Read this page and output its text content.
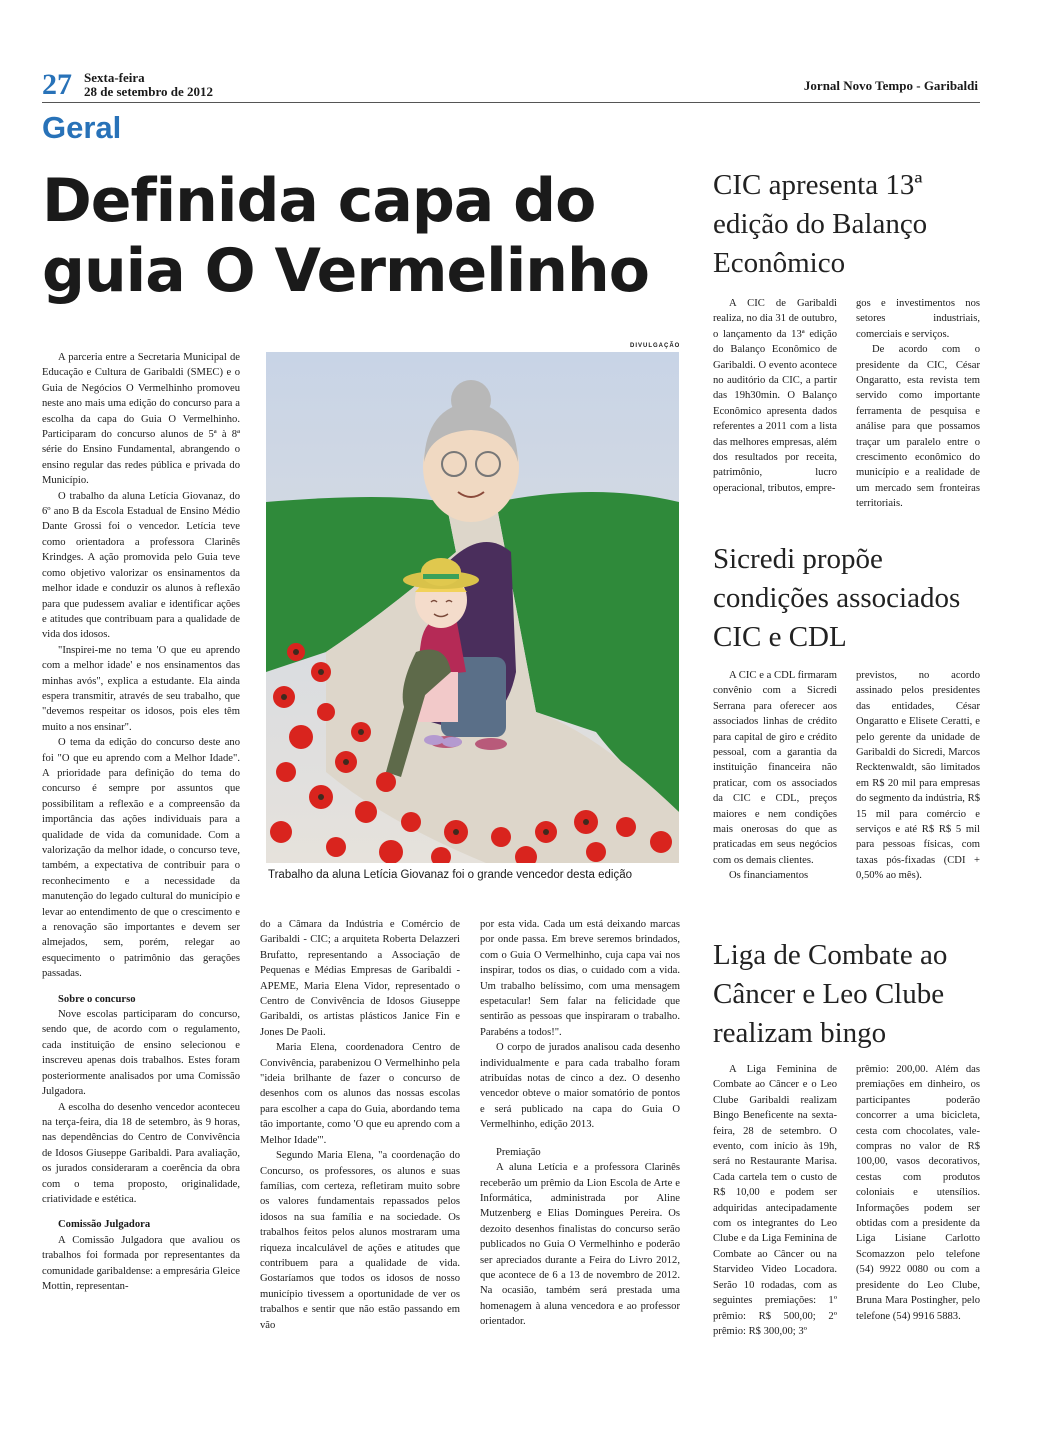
27 Sexta-feira
28 de setembro de 2012	Jornal Novo Tempo - Garibaldi
Geral
Definida capa do guia O Vermelinho

A parceria entre a Secretaria Municipal de Educação e Cultura de Garibaldi (SMEC) e o Guia de Negócios O Vermelhinho promoveu neste ano mais uma edição do concurso para a escolha da capa do Guia O Vermelhinho. Participaram do concurso alunos de 5ª à 8ª série do Ensino Fundamental, abrangendo o ensino regular das redes pública e privada do Município.

O trabalho da aluna Letícia Giovanaz, do 6º ano B da Escola Estadual de Ensino Médio Dante Grossi foi o vencedor. Letícia teve como orientadora a professora Clarinês Krindges. A ação promovida pelo Guia teve como objetivo valorizar os ensinamentos da melhor idade e conduzir os alunos à reflexão para que pudessem avaliar e identificar ações e atitudes que contribuam para a qualidade de vida dos idosos.

"Inspirei-me no tema 'O que eu aprendo com a melhor idade' e nos ensinamentos das minhas avós", explica a estudante. Ela ainda espera transmitir, através de seu trabalho, que "devemos respeitar os idosos, pois eles têm muito a nos ensinar".

O tema da edição do concurso deste ano foi "O que eu aprendo com a Melhor Idade". A prioridade para definição do tema do concurso é sempre por assuntos que possibilitam a reflexão e a compreensão da importância das ações individuais para a qualidade de vida da comunidade. Com a valorização da melhor idade, o concurso teve, também, a expectativa de contribuir para o reconhecimento e a necessidade da manutenção do legado cultural do município e levar ao entendimento de que o crescimento e a renovação são importantes e devem ser almejados, sem, porém, relegar ao esquecimento o patrimônio das gerações passadas.

Sobre o concurso

Nove escolas participaram do concurso, sendo que, de acordo com o regulamento, cada instituição de ensino selecionou e inscreveu apenas dois trabalhos. Estes foram posteriormente analisados por uma Comissão Julgadora.

A escolha do desenho vencedor aconteceu na terça-feira, dia 18 de setembro, às 9 horas, nas dependências do Centro de Convivência de Idosos Giuseppe Garibaldi. Para avaliação, os jurados consideraram a coerência da obra com o tema proposto, originalidade, criatividade e estética.

Comissão Julgadora

A Comissão Julgadora que avaliou os trabalhos foi formada por representantes da comunidade garibaldense: a empresária Gleice Mottin, representan-

DIVULGAÇÃO
Trabalho da aluna Letícia Giovanaz foi o grande vencedor desta edição

do a Câmara da Indústria e Comércio de Garibaldi - CIC; a arquiteta Roberta Delazzeri Brufatto, representando a Associação de Pequenas e Médias Empresas de Garibaldi - APEME, Maria Elena Vidor, representado o Centro de Convivência de Idosos Giuseppe Garibaldi, os artistas plásticos Janice Fin e Jones De Paoli.

Maria Elena, coordenadora Centro de Convivência, parabenizou O Vermelhinho pela "ideia brilhante de fazer o concurso de desenhos com os alunos das nossas escolas para escolher a capa do Guia, abordando tema tão importante, como 'O que eu aprendo com a Melhor Idade'".

Segundo Maria Elena, "a coordenação do Concurso, os professores, os alunos e suas famílias, com certeza, refletiram muito sobre os valores fundamentais repassados pelos idosos na sua família e na sociedade. Os trabalhos feitos pelos alunos mostraram uma riqueza incalculável de ações e atitudes que contribuem para a qualidade de vida. Gostaríamos que todos os idosos de nosso município tivessem a oportunidade de ver os trabalhos e sentir que não estão passando em vão

por esta vida. Cada um está deixando marcas por onde passa. Em breve seremos brindados, com o Guia O Vermelhinho, cuja capa vai nos inspirar, todos os dias, o cuidado com a vida. Um trabalho belíssimo, com uma mensagem espetacular! Sem falar na felicidade que sentirão as pessoas que inspiraram o trabalho. Parabéns a todos!".

O corpo de jurados analisou cada desenho individualmente e para cada trabalho foram atribuídas notas de cinco a dez. O desenho vencedor obteve o maior somatório de pontos e será publicado na capa do Guia O Vermelhinho, edição 2013.

Premiação

A aluna Letícia e a professora Clarinês receberão um prêmio da Lion Escola de Arte e Informática, administrada por Aline Mutzenberg e Elias Domingues Pereira. Os dezoito desenhos finalistas do concurso serão publicados no Guia O Vermelhinho e poderão ser apreciados durante a Feira do Livro 2012, que acontece de 6 a 13 de novembro de 2012. Na ocasião, também será prestada uma homenagem à aluna vencedora e ao professor orientador.

CIC apresenta 13ª edição do Balanço Econômico

A CIC de Garibaldi realiza, no dia 31 de outubro, o lançamento da 13ª edição do Balanço Econômico de Garibaldi. O evento acontece no auditório da CIC, a partir das 19h30min. O Balanço Econômico apresenta dados referentes a 2011 com a lista das melhores empresas, além dos resultados por receita, patrimônio, lucro operacional, tributos, empre-

gos e investimentos nos setores industriais, comerciais e serviços.

De acordo com o presidente da CIC, César Ongaratto, esta revista tem servido como importante ferramenta de pesquisa e análise para que possamos traçar um paralelo entre o crescimento econômico do município e a realidade de um mercado sem fronteiras territoriais.

Sicredi propõe condições associados CIC e CDL

A CIC e a CDL firmaram convênio com a Sicredi Serrana para oferecer aos associados linhas de crédito para capital de giro e crédito pessoal, com a garantia da instituição financeira não praticar, com os associados da CIC e CDL, preços maiores e nem condições mais onerosas do que as praticadas em seus negócios com os demais clientes.

Os financiamentos

previstos, no acordo assinado pelos presidentes das entidades, César Ongaratto e Elisete Ceratti, e pelo gerente da unidade de Garibaldi do Sicredi, Marcos Recktenwaldt, são limitados em R$ 20 mil para empresas do segmento da indústria, R$ 15 mil para comércio e serviços e até R$ R$ 5 mil para pessoas físicas, com taxas pós-fixadas (CDI + 0,50% ao mês).

Liga de Combate ao Câncer e Leo Clube realizam bingo

A Liga Feminina de Combate ao Câncer e o Leo Clube Garibaldi realizam Bingo Beneficente na sexta-feira, 28 de setembro. O evento, com início às 19h, será no Restaurante Marisa. Cada cartela tem o custo de R$ 10,00 e podem ser adquiridas antecipadamente com os integrantes do Leo Clube e da Liga Feminina de Combate ao Câncer ou na Starvideo Video Locadora. Serão 10 rodadas, com as seguintes premiações: 1º prêmio: R$ 500,00; 2º prêmio: R$ 300,00; 3º

prêmio: 200,00. Além das premiações em dinheiro, os participantes poderão concorrer a uma bicicleta, cesta com chocolates, vale-compras no valor de R$ 100,00, vasos decorativos, cestas com produtos coloniais e utensílios. Informações podem ser obtidas com a presidente da Liga Lisiane Carlotto Scomazzon pelo telefone (54) 9922 0080 ou com a presidente do Leo Clube, Bruna Mara Postingher, pelo telefone (54) 9916 5883.
